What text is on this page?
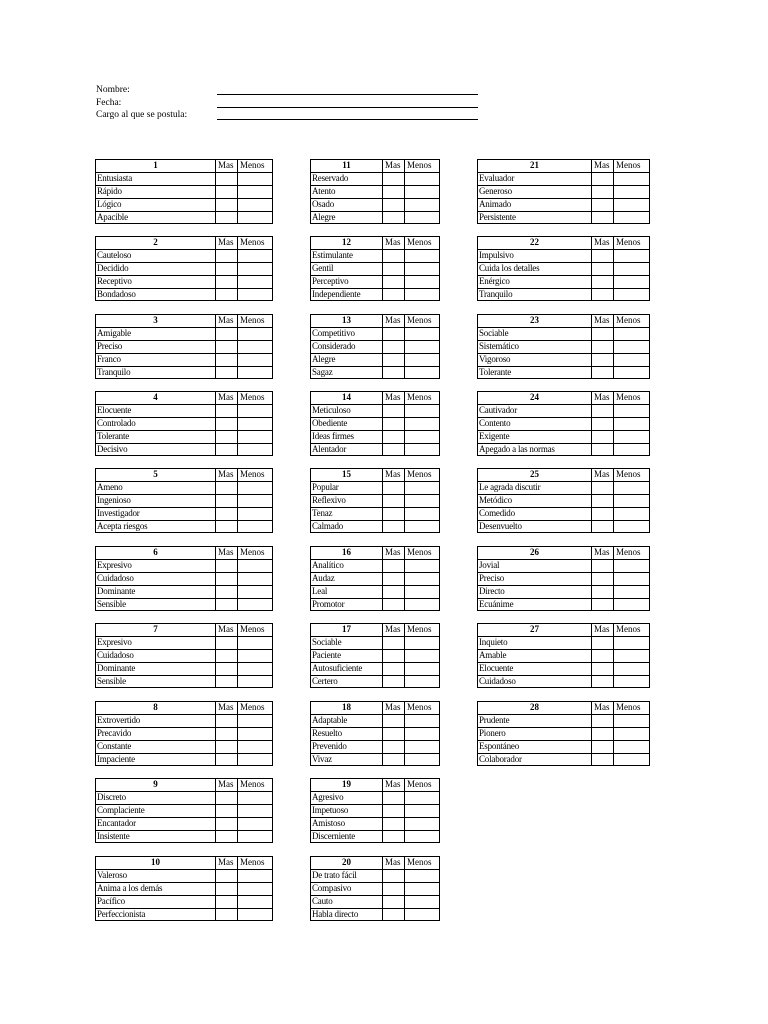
Nombre:
Fecha:
Cargo al que se postula:
1	Mas	Menos
Entusiasta		
Rápido		
Lógico		
Apacible		
2	Mas	Menos
Cauteloso		
Decidido		
Receptivo		
Bondadoso		
3	Mas	Menos
Amigable		
Preciso		
Franco		
Tranquilo		
4	Mas	Menos
Elocuente		
Controlado		
Tolerante		
Decisivo		
5	Mas	Menos
Ameno		
Ingenioso		
Investigador		
Acepta riesgos		
6	Mas	Menos
Expresivo		
Cuidadoso		
Dominante		
Sensible		
7	Mas	Menos
Expresivo		
Cuidadoso		
Dominante		
Sensible		
8	Mas	Menos
Extrovertido		
Precavido		
Constante		
Impaciente		
9	Mas	Menos
Discreto		
Complaciente		
Encantador		
Insistente		
10	Mas	Menos
Valeroso		
Anima a los demás		
Pacífico		
Perfeccionista		
11	Mas	Menos
Reservado		
Atento		
Osado		
Alegre		
12	Mas	Menos
Estimulante		
Gentil		
Perceptivo		
Independiente		
13	Mas	Menos
Competitivo		
Considerado		
Alegre		
Sagaz		
14	Mas	Menos
Meticuloso		
Obediente		
Ideas firmes		
Alentador		
15	Mas	Menos
Popular		
Reflexivo		
Tenaz		
Calmado		
16	Mas	Menos
Analítico		
Audaz		
Leal		
Promotor		
17	Mas	Menos
Sociable		
Paciente		
Autosuficiente		
Certero		
18	Mas	Menos
Adaptable		
Resuelto		
Prevenido		
Vivaz		
19	Mas	Menos
Agresivo		
Impetuoso		
Amistoso		
Discerniente		
20	Mas	Menos
De trato fácil		
Compasivo		
Cauto		
Habla directo		
21	Mas	Menos
Evaluador		
Generoso		
Animado		
Persistente		
22	Mas	Menos
Impulsivo		
Cuida los detalles		
Enérgico		
Tranquilo		
23	Mas	Menos
Sociable		
Sistemático		
Vigoroso		
Tolerante		
24	Mas	Menos
Cautivador		
Contento		
Exigente		
Apegado a las normas		
25	Mas	Menos
Le agrada discutir		
Metódico		
Comedido		
Desenvuelto		
26	Mas	Menos
Jovial		
Preciso		
Directo		
Ecuánime		
27	Mas	Menos
Inquieto		
Amable		
Elocuente		
Cuidadoso		
28	Mas	Menos
Prudente		
Pionero		
Espontáneo		
Colaborador		
